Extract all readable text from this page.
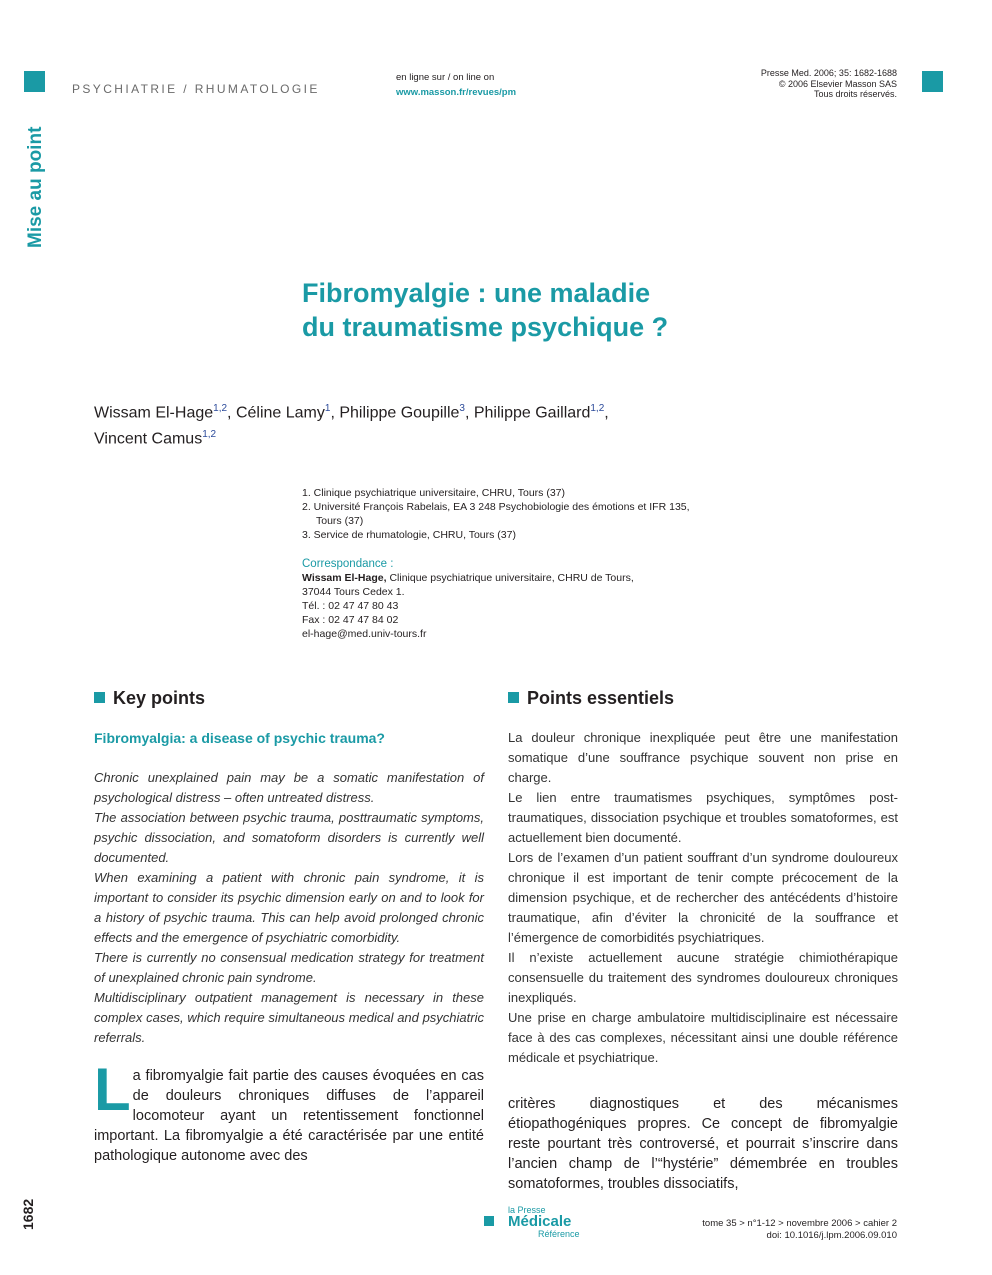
PSYCHIATRIE / RHUMATOLOGIE
en ligne sur / on line on
www.masson.fr/revues/pm
Presse Med. 2006; 35: 1682-1688
© 2006 Elsevier Masson SAS
Tous droits réservés.
Mise au point
1682
Fibromyalgie : une maladie
du traumatisme psychique ?

Wissam El-Hage$^{1,2}$, Céline Lamy$^1$, Philippe Goupille$^3$, Philippe Gaillard$^{1,2}$,
Vincent Camus$^{1,2}$

1. Clinique psychiatrique universitaire, CHRU, Tours (37)
2. Université François Rabelais, EA 3 248 Psychobiologie des émotions et IFR 135, Tours (37)
3. Service de rhumatologie, CHRU, Tours (37)
Correspondance :
Wissam El-Hage, Clinique psychiatrique universitaire, CHRU de Tours,
37044 Tours Cedex 1.
Tél. : 02 47 47 80 43
Fax : 02 47 47 84 02
el-hage@med.univ-tours.fr
Key points
Fibromyalgia: a disease of psychic trauma?

Chronic unexplained pain may be a somatic manifestation of psychological distress – often untreated distress.

The association between psychic trauma, posttraumatic symptoms, psychic dissociation, and somatoform disorders is currently well documented.

When examining a patient with chronic pain syndrome, it is important to consider its psychic dimension early on and to look for a history of psychic trauma. This can help avoid prolonged chronic effects and the emergence of psychiatric comorbidity.

There is currently no consensual medication strategy for treatment of unexplained chronic pain syndrome.

Multidisciplinary outpatient management is necessary in these complex cases, which require simultaneous medical and psychiatric referrals.

Points essentiels

La douleur chronique inexpliquée peut être une manifestation somatique d’une souffrance psychique souvent non prise en charge.

Le lien entre traumatismes psychiques, symptômes post-traumatiques, dissociation psychique et troubles somatoformes, est actuellement bien documenté.

Lors de l’examen d’un patient souffrant d’un syndrome douloureux chronique il est important de tenir compte précocement de la dimension psychique, et de rechercher des antécédents d’histoire traumatique, afin d’éviter la chronicité de la souffrance et l’émergence de comorbidités psychiatriques.

Il n’existe actuellement aucune stratégie chimiothérapique consensuelle du traitement des syndromes douloureux chroniques inexpliqués.

Une prise en charge ambulatoire multidisciplinaire est nécessaire face à des cas complexes, nécessitant ainsi une double référence médicale et psychiatrique.

La fibromyalgie fait partie des causes évoquées en cas de douleurs chroniques diffuses de l’appareil locomoteur ayant un retentissement fonctionnel important. La fibromyalgie a été caractérisée par une entité pathologique autonome avec des

critères diagnostiques et des mécanismes étiopathogéniques propres. Ce concept de fibromyalgie reste pourtant très controversé, et pourrait s’inscrire dans l’ancien champ de l’“hystérie” démembrée en troubles somatoformes, troubles dissociatifs,

la Presse
Médicale
Référence
tome 35 > n°1-12 > novembre 2006 > cahier 2
doi: 10.1016/j.lpm.2006.09.010
